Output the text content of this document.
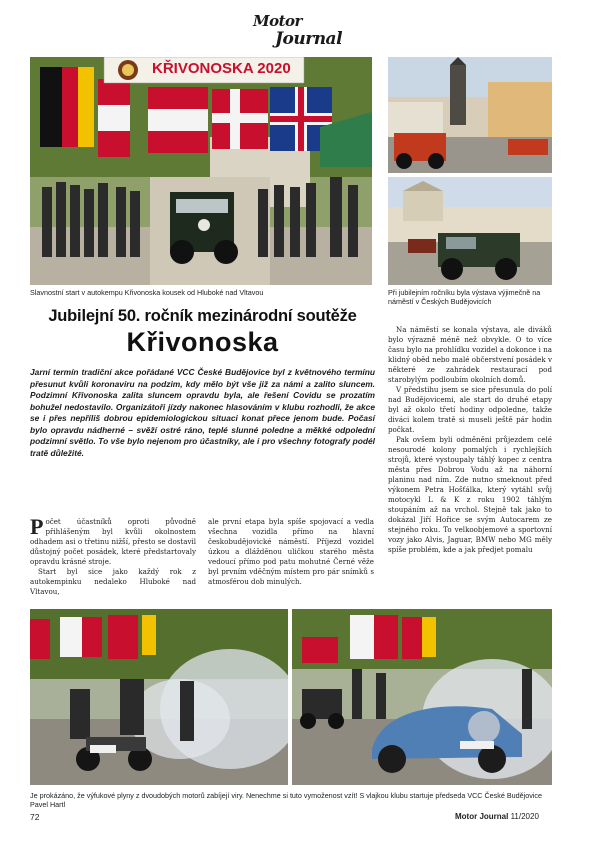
Motor
Journal
KŘIVONOSKA 2020
Slavnostní start v autokempu Křivonoska kousek od Hluboké nad Vltavou	Při jubilejním ročníku byla výstava výjimečně na náměstí v Českých Budějovicích
Jubilejní 50. ročník mezinárodní soutěže
Křivonoska
Jarní termín tradiční akce pořádané VCC České Budějovice byl z květnového termínu přesunut kvůli koronaviru na podzim, kdy mělo být vše již za námi a zalito sluncem. Podzimní Křivonoska zalita sluncem opravdu byla, ale řešení Covidu se prozatím bohužel nedostavilo. Organizátoři jízdy nakonec hlasováním v klubu rozhodli, že akce se i přes nepříliš dobrou epidemiologickou situaci konat přece jenom bude. Počasí bylo opravdu nádherné – svěží ostré ráno, teplé slunné poledne a měkké odpolední podzimní světlo. To vše bylo nejenom pro účastníky, ale i pro všechny fotografy podél tratě důležité.

Počet účastníků oproti původně přihlášeným byl kvůli okolnostem odhadem asi o třetinu nižší, přesto se dostavil důstojný počet posádek, které předstartovaly opravdu krásné stroje.

Start byl sice jako každý rok z autokempinku nedaleko Hluboké nad Vltavou,

ale první etapa byla spíše spojovací a vedla všechna vozidla přímo na hlavní českobudějovické náměstí. Příjezd vozidel úzkou a dlážděnou uličkou starého města vedoucí přímo pod patu mohutné Černé věže byl prvním vděčným místem pro pár snímků s atmosférou dob minulých.

Na náměstí se konala výstava, ale diváků bylo výrazně méně než obvykle. O to více času bylo na prohlídku vozidel a dokonce i na klidný oběd nebo malé občerstvení posádek v některé ze zahrádek restaurací pod starobylým podloubím okolních domů.

V předstihu jsem se sice přesunula do polí nad Budějovicemi, ale start do druhé etapy byl až okolo třetí hodiny odpoledne, takže diváci kolem tratě si museli ještě pár hodin počkat.

Pak ovšem byli odměněni průjezdem celé nesourodé kolony pomalých i rychlejších strojů, které vystoupaly táhlý kopec z centra města přes Dobrou Vodu až na náhorní planinu nad ním. Zde nutno smeknout před výkonem Petra Hošťálka, který vytáhl svůj motocykl L & K z roku 1902 táhlým stoupáním až na vrchol. Stejně tak jako to dokázal Jiří Hořice se svým Autocarem ze stejného roku. To velkoobjemové a sportovní vozy jako Alvis, Jaguar, BMW nebo MG měly spíše problém, kde a jak předjet pomalu

Je prokázáno, že výfukové plyny z dvoudobých motorů zabíjejí viry. Nenechme si tuto vymoženost vzít! S vlajkou klubu startuje předseda VCC České Budějovice Pavel Hartl
72	Motor Journal 11/2020
